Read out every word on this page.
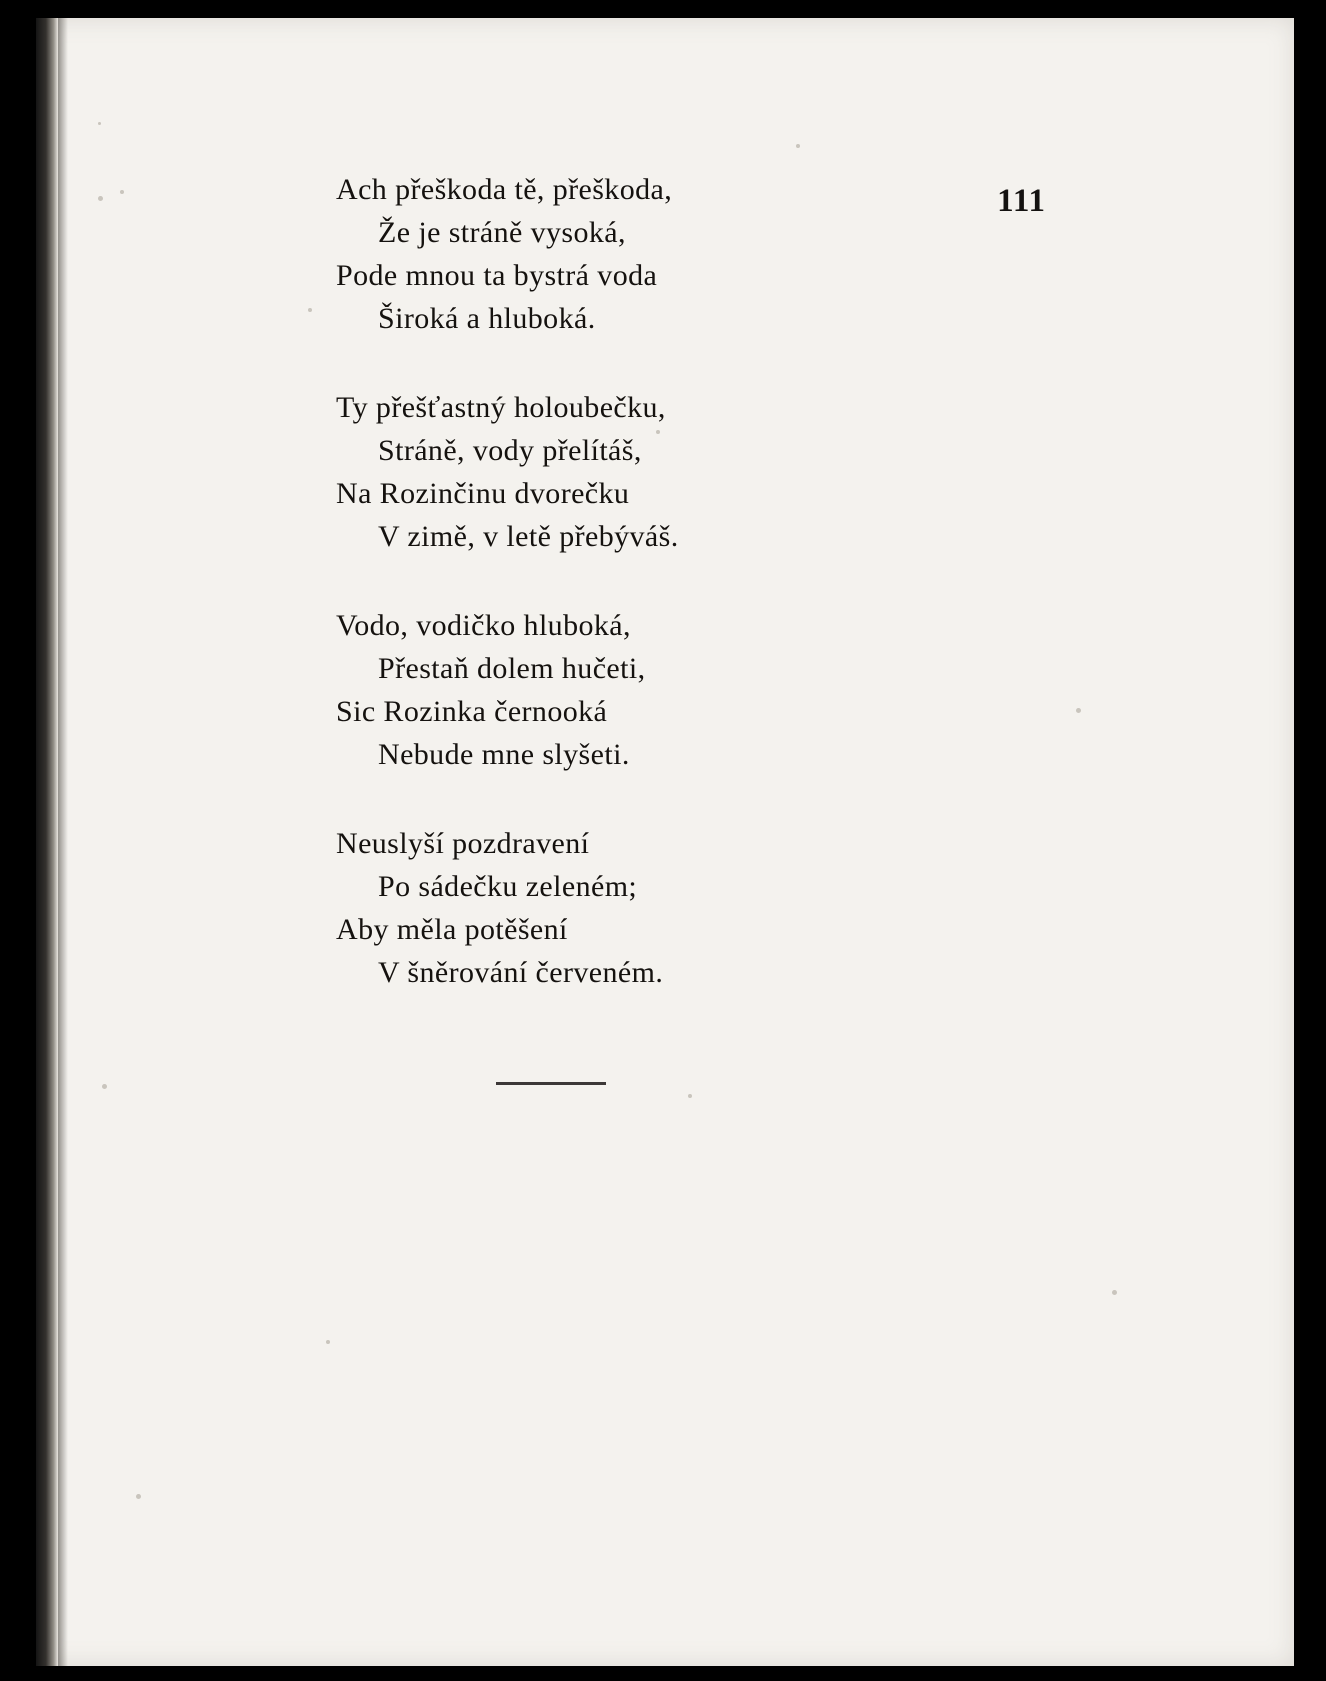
111
Ach přeškoda tě, přeškoda,
Že je stráně vysoká,
Pode mnou ta bystrá voda
Široká a hluboká.
Ty přešťastný holoubečku,
Stráně, vody přelítáš,
Na Rozinčinu dvorečku
V zimě, v letě přebýváš.
Vodo, vodičko hluboká,
Přestaň dolem hučeti,
Sic Rozinka černooká
Nebude mne slyšeti.
Neuslyší pozdravení
Po sádečku zeleném;
Aby měla potěšení
V šněrování červeném.
